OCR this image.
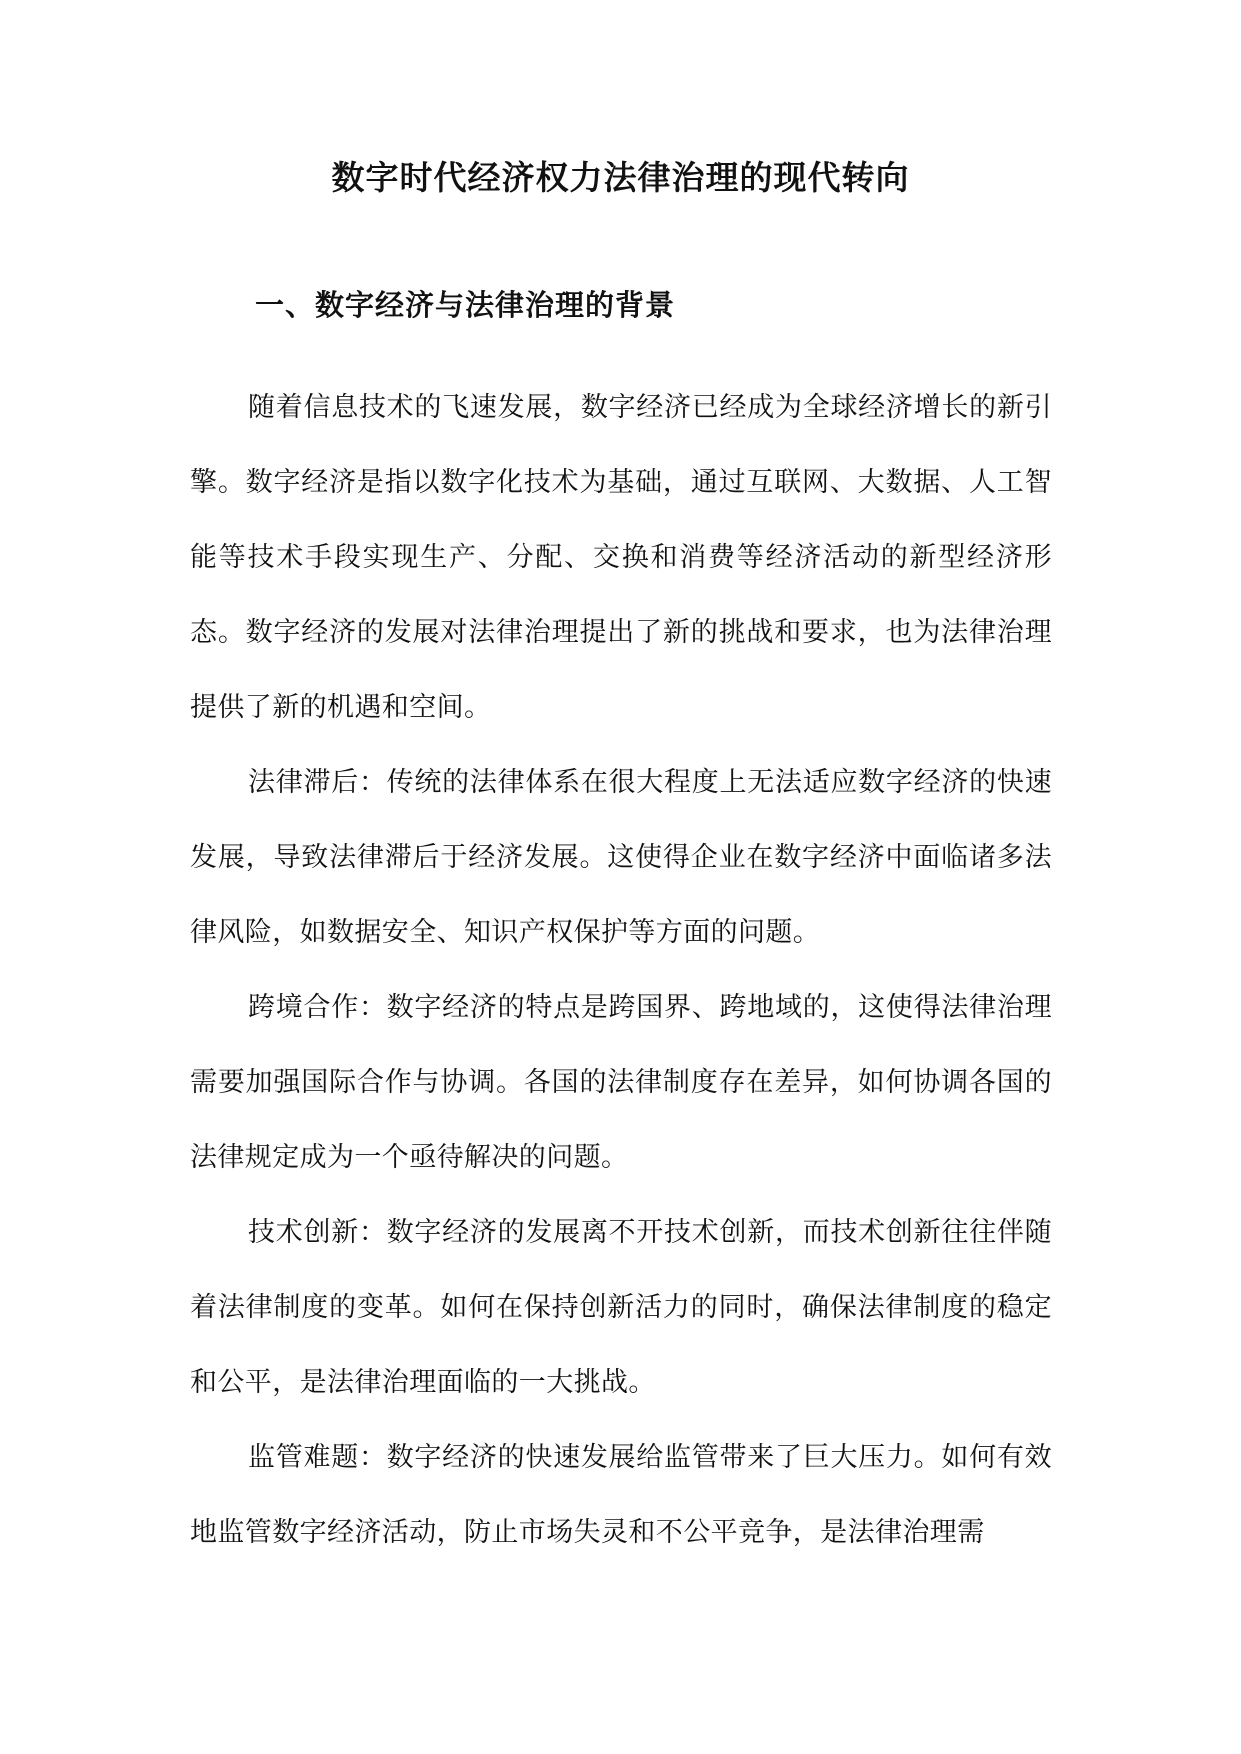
数字时代经济权力法律治理的现代转向
一、数字经济与法律治理的背景

随着信息技术的飞速发展，数字经济已经成为全球经济增长的新引擎。数字经济是指以数字化技术为基础，通过互联网、大数据、人工智能等技术手段实现生产、分配、交换和消费等经济活动的新型经济形态。数字经济的发展对法律治理提出了新的挑战和要求，也为法律治理提供了新的机遇和空间。

法律滞后：传统的法律体系在很大程度上无法适应数字经济的快速发展，导致法律滞后于经济发展。这使得企业在数字经济中面临诸多法律风险，如数据安全、知识产权保护等方面的问题。

跨境合作：数字经济的特点是跨国界、跨地域的，这使得法律治理需要加强国际合作与协调。各国的法律制度存在差异，如何协调各国的法律规定成为一个亟待解决的问题。

技术创新：数字经济的发展离不开技术创新，而技术创新往往伴随着法律制度的变革。如何在保持创新活力的同时，确保法律制度的稳定和公平，是法律治理面临的一大挑战。

监管难题：数字经济的快速发展给监管带来了巨大压力。如何有效地监管数字经济活动，防止市场失灵和不公平竞争，是法律治理需
